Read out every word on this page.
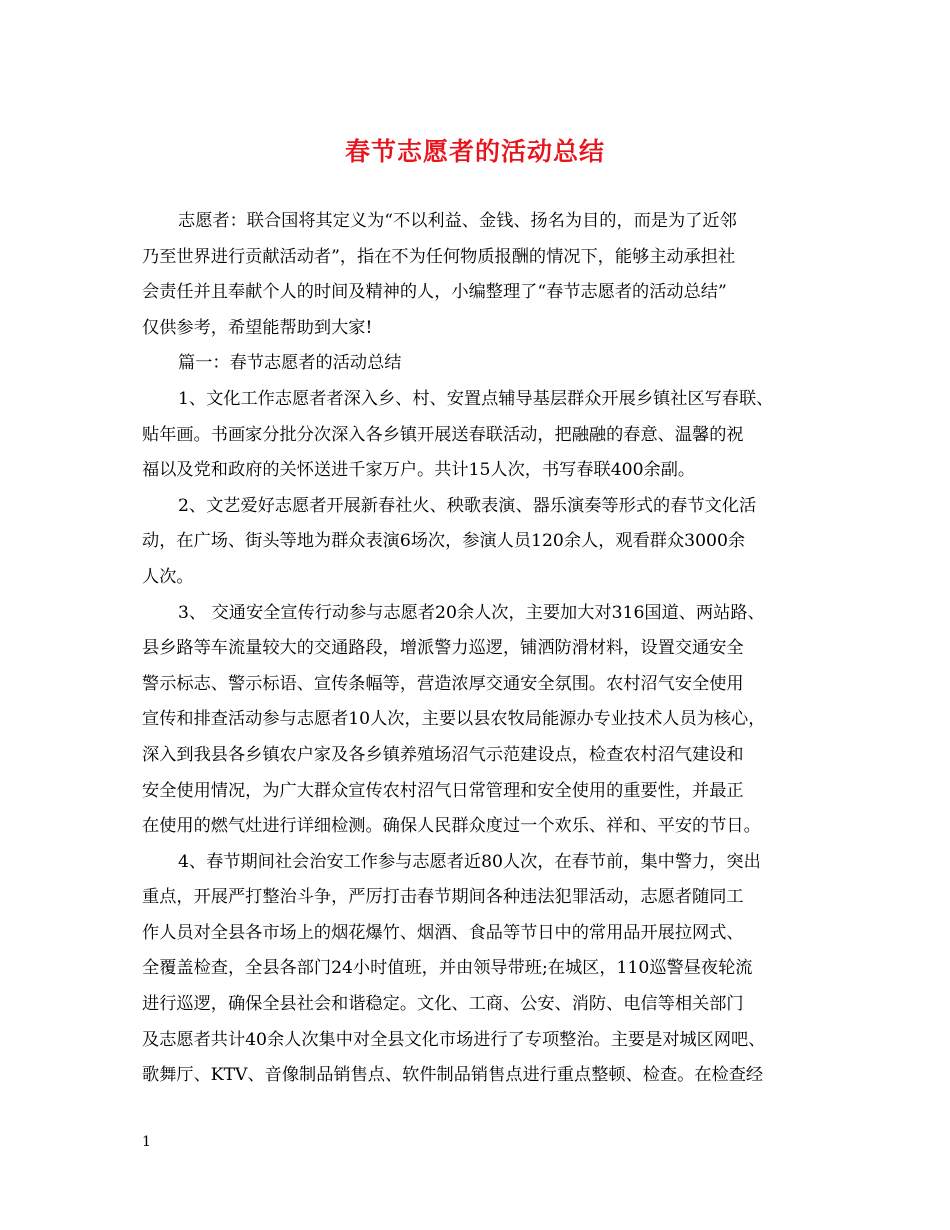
春节志愿者的活动总结
志愿者：联合国将其定义为“不以利益、金钱、扬名为目的，而是为了近邻
乃至世界进行贡献活动者”，指在不为任何物质报酬的情况下，能够主动承担社
会责任并且奉献个人的时间及精神的人，小编整理了“春节志愿者的活动总结”
仅供参考，希望能帮助到大家!
篇一：春节志愿者的活动总结
1、文化工作志愿者者深入乡、村、安置点辅导基层群众开展乡镇社区写春联、
贴年画。书画家分批分次深入各乡镇开展送春联活动，把融融的春意、温馨的祝
福以及党和政府的关怀送进千家万户。共计15人次，书写春联400余副。
2、文艺爱好志愿者开展新春社火、秧歌表演、器乐演奏等形式的春节文化活
动，在广场、街头等地为群众表演6场次，参演人员120余人，观看群众3000余
人次。
3、 交通安全宣传行动参与志愿者20余人次，主要加大对316国道、两站路、
县乡路等车流量较大的交通路段，增派警力巡逻，铺洒防滑材料，设置交通安全
警示标志、警示标语、宣传条幅等，营造浓厚交通安全氛围。农村沼气安全使用
宣传和排查活动参与志愿者10人次，主要以县农牧局能源办专业技术人员为核心，
深入到我县各乡镇农户家及各乡镇养殖场沼气示范建设点，检查农村沼气建设和
安全使用情况，为广大群众宣传农村沼气日常管理和安全使用的重要性，并最正
在使用的燃气灶进行详细检测。确保人民群众度过一个欢乐、祥和、平安的节日。
4、春节期间社会治安工作参与志愿者近80人次，在春节前，集中警力，突出
重点，开展严打整治斗争，严厉打击春节期间各种违法犯罪活动，志愿者随同工
作人员对全县各市场上的烟花爆竹、烟酒、食品等节日中的常用品开展拉网式、
全覆盖检查，全县各部门24小时值班，并由领导带班;在城区，110巡警昼夜轮流
进行巡逻，确保全县社会和谐稳定。文化、工商、公安、消防、电信等相关部门
及志愿者共计40余人次集中对全县文化市场进行了专项整治。主要是对城区网吧、
歌舞厅、KTV、音像制品销售点、软件制品销售点进行重点整顿、检查。在检查经
1
